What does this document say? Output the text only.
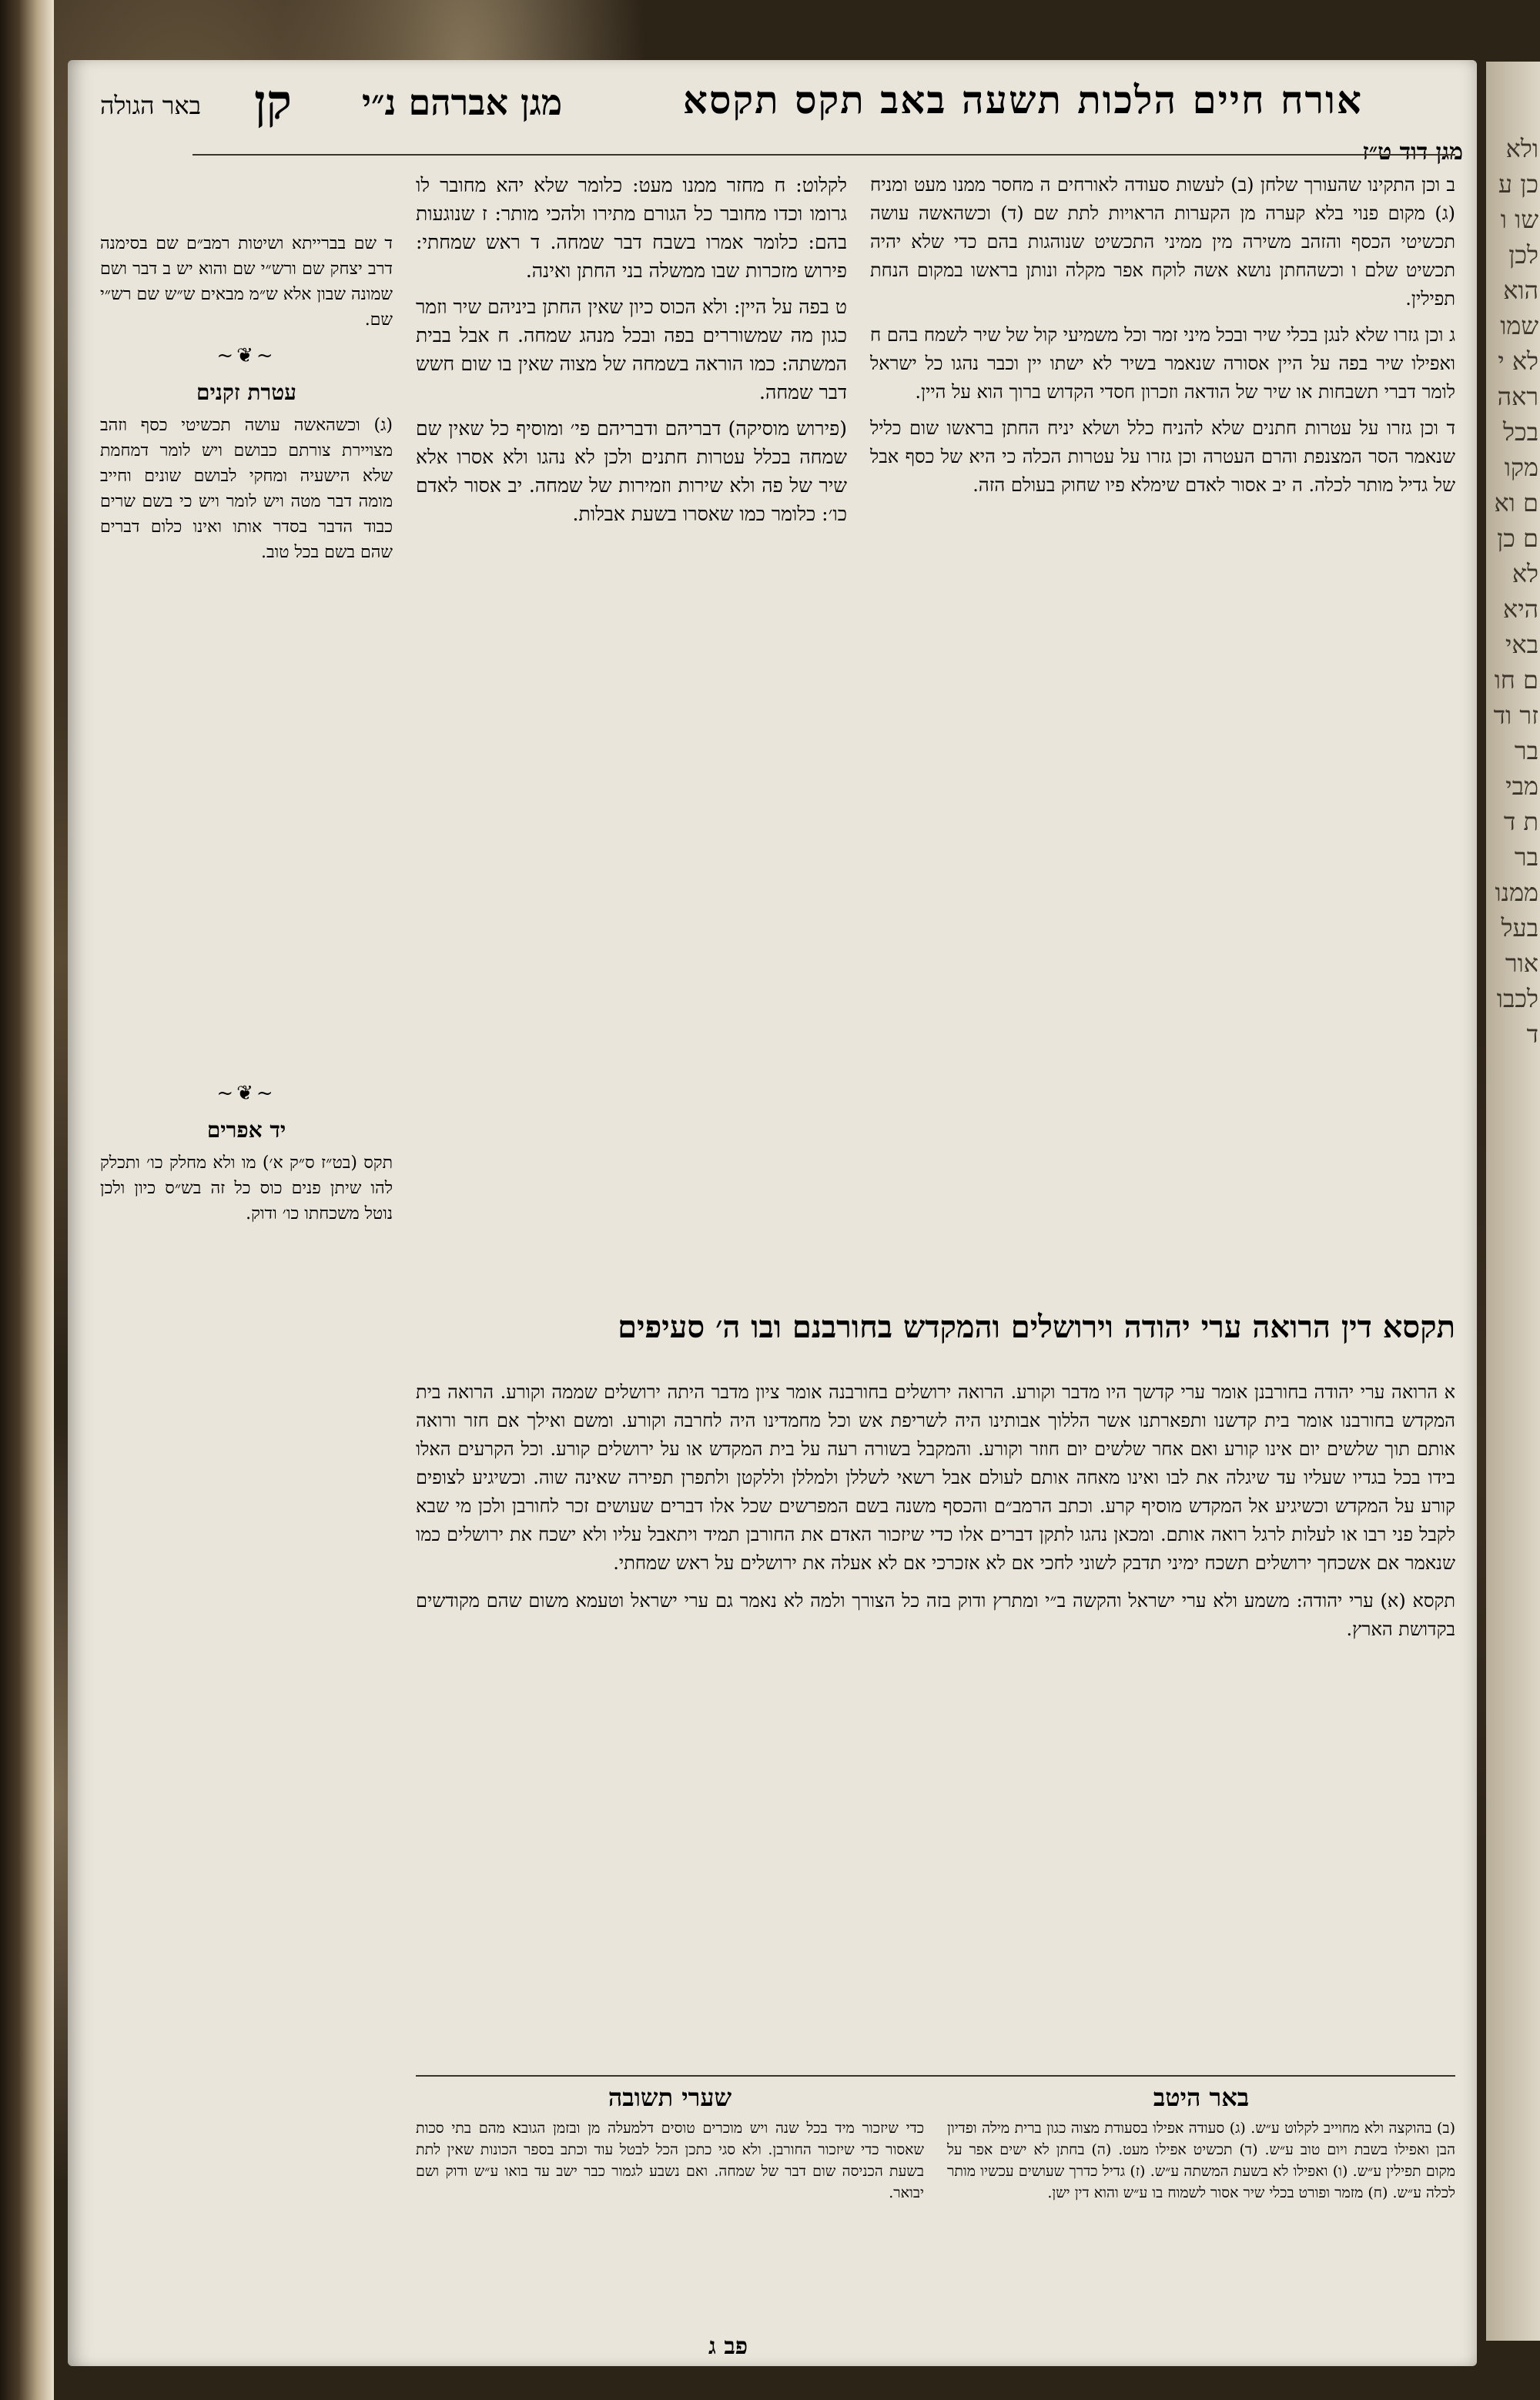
ולא כן עשו ולכן הוא שמו לא יראה בכל מקום ואם כן לא היא באים חוזר ודבר מבית דבר ממנו בעל אור לכבוד
אורח חיים הלכות תשעה באב תקס תקסא
מגן אברהם נ״י
קן
באר הגולה
מגן דוד ט״ז
ד שם בברייתא ושיטות רמב״ם שם בסימנה דרב יצחק שם ורש״י שם והוא יש ב דבר ושם שמונה שבון אלא ש״מ מבאים ש״ש שם רש״י שם.
~❦~
עטרת זקנים
(ג) וכשהאשה עושה תכשיטי כסף וזהב מצויירת צורתם כבושם ויש לומר דמחמת שלא הישעיה ומחקי לבושם שונים וחייב מומה דבר מטה ויש לומר ויש כי בשם שרים כבוד הדבר בסדר אותו ואינו כלום דברים שהם בשם בכל טוב.
~❦~
יד אפרים
תקס (בט״ז ס״ק א׳) מו ולא מחלק כו׳ ותכלק להו שיתן פנים כוס כל זה בש״ס כיון ולכן נוטל משכחתו כו׳ ודוק.

לקלוט: ח מחזר ממנו מעט: כלומר שלא יהא מחובר לו גרומו וכדו מחובר כל הגורם מתירו ולהכי מותר: ז שנוגעות בהם: כלומר אמרו בשבח דבר שמחה. ד ראש שמחתי: פירוש מזכרות שבו ממשלה בני החתן ואינה.

ט בפה על היין: ולא הכוס כיון שאין החתן ביניהם שיר וזמר כגון מה שמשוררים בפה ובכל מנהג שמחה. ח אבל בבית המשתה: כמו הוראה בשמחה של מצוה שאין בו שום חשש דבר שמחה.

(פירוש מוסיקה) דבריהם ודבריהם פי׳ ומוסיף כל שאין שם שמחה בכלל עטרות חתנים ולכן לא נהגו ולא אסרו אלא שיר של פה ולא שירות וזמירות של שמחה. יב אסור לאדם כו׳: כלומר כמו שאסרו בשעת אבלות.

ב וכן התקינו שהעורך שלחן (ב) לעשות סעודה לאורחים ה מחסר ממנו מעט ומניח (ג) מקום פנוי בלא קערה מן הקערות הראויות לתת שם (ד) וכשהאשה עושה תכשיטי הכסף והזהב משירה מין ממיני התכשיט שנוהגות בהם כדי שלא יהיה תכשיט שלם ו וכשהחתן נושא אשה לוקח אפר מקלה ונותן בראשו במקום הנחת תפילין.

ג וכן גזרו שלא לנגן בכלי שיר ובכל מיני זמר וכל משמיעי קול של שיר לשמח בהם ח ואפילו שיר בפה על היין אסורה שנאמר בשיר לא ישתו יין וכבר נהגו כל ישראל לומר דברי תשבחות או שיר של הודאה וזכרון חסדי הקדוש ברוך הוא על היין.

ד וכן גזרו על עטרות חתנים שלא להניח כלל ושלא יניח החתן בראשו שום כליל שנאמר הסר המצנפת והרם העטרה וכן גזרו על עטרות הכלה כי היא של כסף אבל של גדיל מותר לכלה. ה יב אסור לאדם שימלא פיו שחוק בעולם הזה.

תקסא דין הרואה ערי יהודה וירושלים והמקדש בחורבנם ובו ה׳ סעיפים

א הרואה ערי יהודה בחורבנן אומר ערי קדשך היו מדבר וקורע. הרואה ירושלים בחורבנה אומר ציון מדבר היתה ירושלים שממה וקורע. הרואה בית המקדש בחורבנו אומר בית קדשנו ותפארתנו אשר הללוך אבותינו היה לשריפת אש וכל מחמדינו היה לחרבה וקורע. ומשם ואילך אם חזר ורואה אותם תוך שלשים יום אינו קורע ואם אחר שלשים יום חוזר וקורע. והמקבל בשורה רעה על בית המקדש או על ירושלים קורע. וכל הקרעים האלו בידו בכל בגדיו שעליו עד שיגלה את לבו ואינו מאחה אותם לעולם אבל רשאי לשללן ולמללן וללקטן ולתפרן תפירה שאינה שוה. וכשיגיע לצופים קורע על המקדש וכשיגיע אל המקדש מוסיף קרע. וכתב הרמב״ם והכסף משנה בשם המפרשים שכל אלו דברים שעושים זכר לחורבן ולכן מי שבא לקבל פני רבו או לעלות לרגל רואה אותם. ומכאן נהגו לתקן דברים אלו כדי שיזכור האדם את החורבן תמיד ויתאבל עליו ולא ישכח את ירושלים כמו שנאמר אם אשכחך ירושלים תשכח ימיני תדבק לשוני לחכי אם לא אזכרכי אם לא אעלה את ירושלים על ראש שמחתי.

תקסא (א) ערי יהודה: משמע ולא ערי ישראל והקשה ב״י ומתרץ ודוק בזה כל הצורך ולמה לא נאמר גם ערי ישראל וטעמא משום שהם מקודשים בקדושת הארץ.

באר היטב
(ב) בהוקצה ולא מחוייב לקלוט ע״ש. (ג) סעודה אפילו בסעודת מצוה כגון ברית מילה ופדיון הבן ואפילו בשבת ויום טוב ע״ש. (ד) תכשיט אפילו מעט. (ה) בחתן לא ישים אפר על מקום תפילין ע״ש. (ו) ואפילו לא בשעת המשתה ע״ש. (ז) גדיל כדרך שעושים עכשיו מותר לכלה ע״ש. (ח) מזמר ופורט בכלי שיר אסור לשמוח בו ע״ש והוא דין ישן.
שערי תשובה
כדי שיזכור מיד בכל שנה ויש מוכרים טוסים דלמעלה מן ובזמן הגובא מהם בתי סכות שאסור כדי שיזכור החורבן. ולא סגי כתכן הכל לבטל עוד וכתב בספר הכונות שאין לתת בשעת הכניסה שום דבר של שמחה. ואם נשבע לגמור כבר ישב עד בואו ע״ש ודוק ושם יבואר.
פב ג
